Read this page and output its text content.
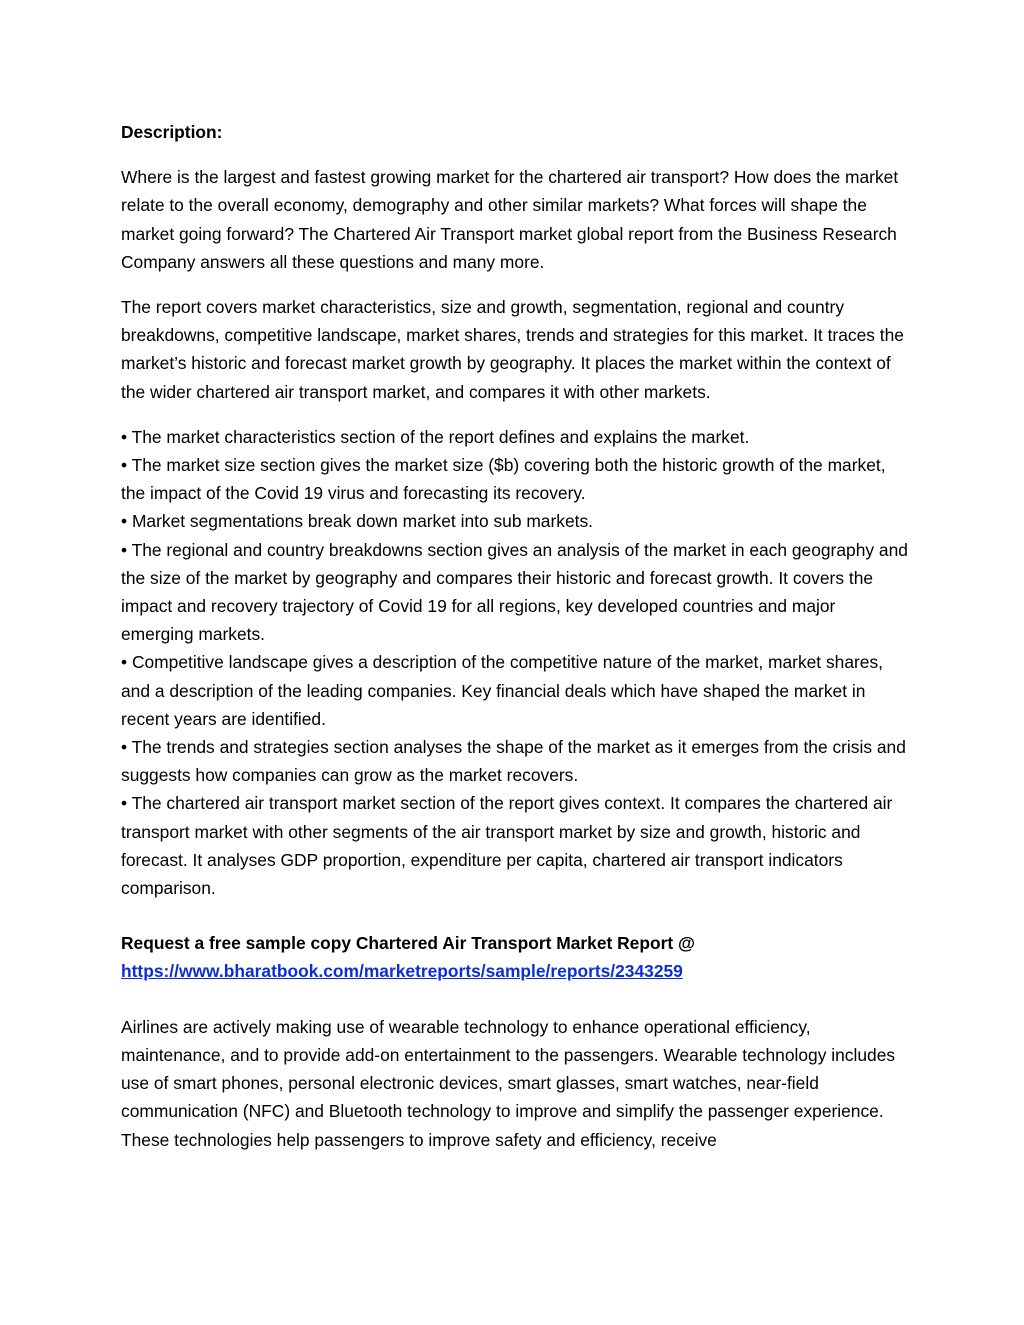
Description:

Where is the largest and fastest growing market for the chartered air transport? How does the market relate to the overall economy, demography and other similar markets? What forces will shape the market going forward? The Chartered Air Transport market global report from the Business Research Company answers all these questions and many more.

The report covers market characteristics, size and growth, segmentation, regional and country breakdowns, competitive landscape, market shares, trends and strategies for this market. It traces the market’s historic and forecast market growth by geography. It places the market within the context of the wider chartered air transport market, and compares it with other markets.

• The market characteristics section of the report defines and explains the market.

• The market size section gives the market size ($b) covering both the historic growth of the market, the impact of the Covid 19 virus and forecasting its recovery.

• Market segmentations break down market into sub markets.

• The regional and country breakdowns section gives an analysis of the market in each geography and the size of the market by geography and compares their historic and forecast growth. It covers the impact and recovery trajectory of Covid 19 for all regions, key developed countries and major emerging markets.

• Competitive landscape gives a description of the competitive nature of the market, market shares, and a description of the leading companies. Key financial deals which have shaped the market in recent years are identified.

• The trends and strategies section analyses the shape of the market as it emerges from the crisis and suggests how companies can grow as the market recovers.

• The chartered air transport market section of the report gives context. It compares the chartered air transport market with other segments of the air transport market by size and growth, historic and forecast. It analyses GDP proportion, expenditure per capita, chartered air transport indicators comparison.

Request a free sample copy Chartered Air Transport Market Report @

https://www.bharatbook.com/marketreports/sample/reports/2343259

Airlines are actively making use of wearable technology to enhance operational efficiency, maintenance, and to provide add-on entertainment to the passengers. Wearable technology includes use of smart phones, personal electronic devices, smart glasses, smart watches, near-field communication (NFC) and Bluetooth technology to improve and simplify the passenger experience. These technologies help passengers to improve safety and efficiency, receive
